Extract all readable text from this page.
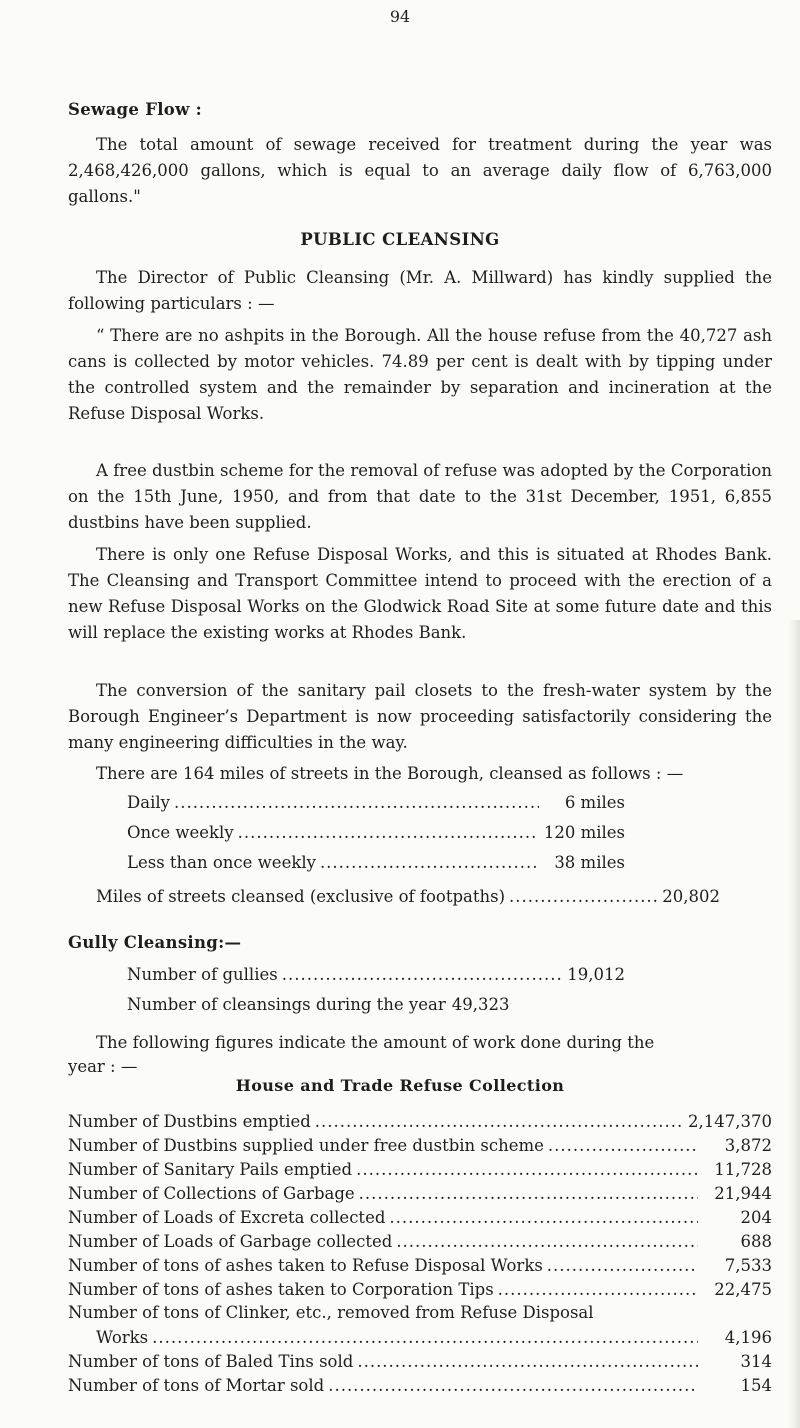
94
Sewage Flow :
The total amount of sewage received for treatment during the year was 2,468,426,000 gallons, which is equal to an average daily flow of 6,763,000 gallons."
PUBLIC CLEANSING
The Director of Public Cleansing (Mr. A. Millward) has kindly supplied the following particulars : —
“ There are no ashpits in the Borough. All the house refuse from the 40,727 ash cans is collected by motor vehicles. 74.89 per cent is dealt with by tipping under the controlled system and the remainder by separation and incineration at the Refuse Disposal Works.
A free dustbin scheme for the removal of refuse was adopted by the Corporation on the 15th June, 1950, and from that date to the 31st December, 1951, 6,855 dustbins have been supplied.
There is only one Refuse Disposal Works, and this is situated at Rhodes Bank. The Cleansing and Transport Committee intend to proceed with the erection of a new Refuse Disposal Works on the Glodwick Road Site at some future date and this will replace the existing works at Rhodes Bank.
The conversion of the sanitary pail closets to the fresh-water system by the Borough Engineer’s Department is now proceeding satisfactorily considering the many engineering difficulties in the way.
There are 164 miles of streets in the Borough, cleansed as follows : —
Daily .....	6 miles
Once weekly .....	120 miles
Less than once weekly .....	38 miles
Miles of streets cleansed (exclusive of footpaths) .....	20,802
Gully Cleansing:—
Number of gullies .....	19,012
Number of cleansings during the year 49,323
The following figures indicate the amount of work done during the
year : —
House and Trade Refuse Collection
Number of Dustbins emptied .....	2,147,370
Number of Dustbins supplied under free dustbin scheme .....	3,872
Number of Sanitary Pails emptied .....	11,728
Number of Collections of Garbage .....	21,944
Number of Loads of Excreta collected .....	204
Number of Loads of Garbage collected .....	688
Number of tons of ashes taken to Refuse Disposal Works .....	7,533
Number of tons of ashes taken to Corporation Tips .....	22,475
Number of tons of Clinker, etc., removed from Refuse Disposal
Works .....	4,196
Number of tons of Baled Tins sold .....	314
Number of tons of Mortar sold .....	154
